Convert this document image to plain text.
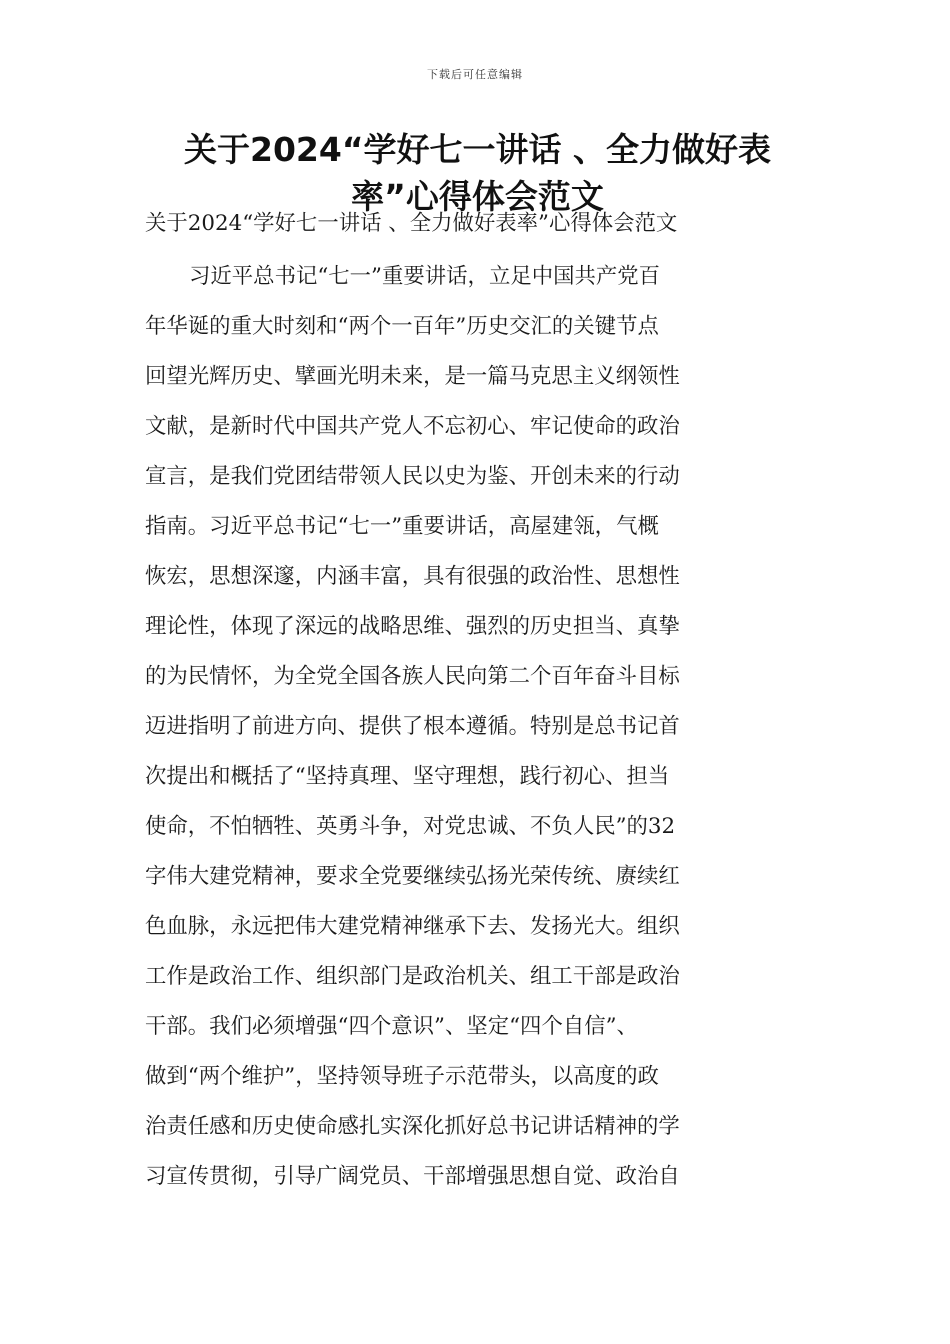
下载后可任意编辑
关于2024“学好七一讲话 、全力做好表率”心得体会范文
关于2024“学好七一讲话 、全力做好表率”心得体会范文
习近平总书记“七一”重要讲话，立足中国共产党百
年华诞的重大时刻和“两个一百年”历史交汇的关键节点
回望光辉历史、擘画光明未来，是一篇马克思主义纲领性
文献，是新时代中国共产党人不忘初心、牢记使命的政治
宣言，是我们党团结带领人民以史为鉴、开创未来的行动
指南。习近平总书记“七一”重要讲话，高屋建瓴，气概
恢宏，思想深邃，内涵丰富，具有很强的政治性、思想性
理论性，体现了深远的战略思维、强烈的历史担当、真挚
的为民情怀，为全党全国各族人民向第二个百年奋斗目标
迈进指明了前进方向、提供了根本遵循。特别是总书记首
次提出和概括了“坚持真理、坚守理想，践行初心、担当
使命，不怕牺牲、英勇斗争，对党忠诚、不负人民”的32
字伟大建党精神，要求全党要继续弘扬光荣传统、赓续红
色血脉，永远把伟大建党精神继承下去、发扬光大。组织
工作是政治工作、组织部门是政治机关、组工干部是政治
干部。我们必须增强“四个意识”、坚定“四个自信”、
做到“两个维护”，坚持领导班子示范带头，以高度的政
治责任感和历史使命感扎实深化抓好总书记讲话精神的学
习宣传贯彻，引导广阔党员、干部增强思想自觉、政治自
